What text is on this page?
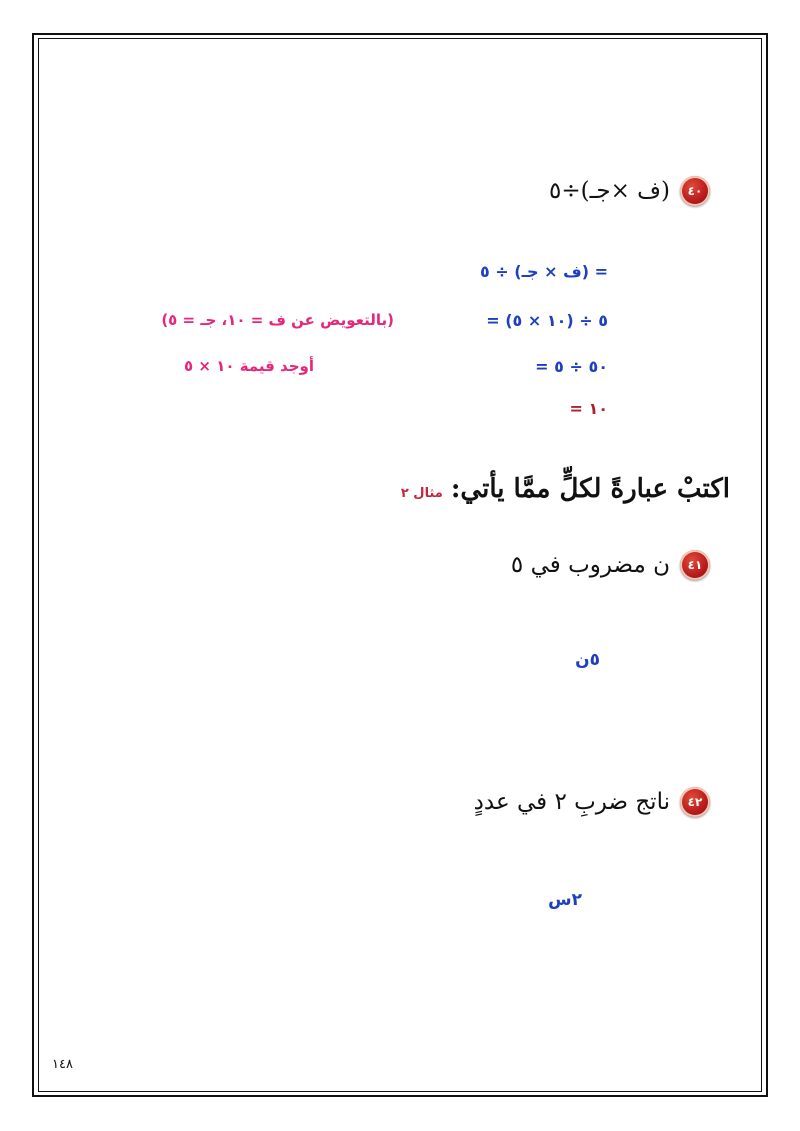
٤٠
(ف ×جـ)÷٥
= (ف × جـ) ÷ ٥
= (١٠ × ٥) ÷ ٥
= ٥٠ ÷ ٥
= ١٠
(بالتعويض عن ف = ١٠، جـ = ٥)
أوجد قيمة ١٠ × ٥
اكتبْ عبارةً لكلٍّ ممَّا يأتي:
مثال ٢
٤١
ن مضروب في ٥
٥ن
٤٢
ناتج ضربِ ٢ في عددٍ
٢س
١٤٨
